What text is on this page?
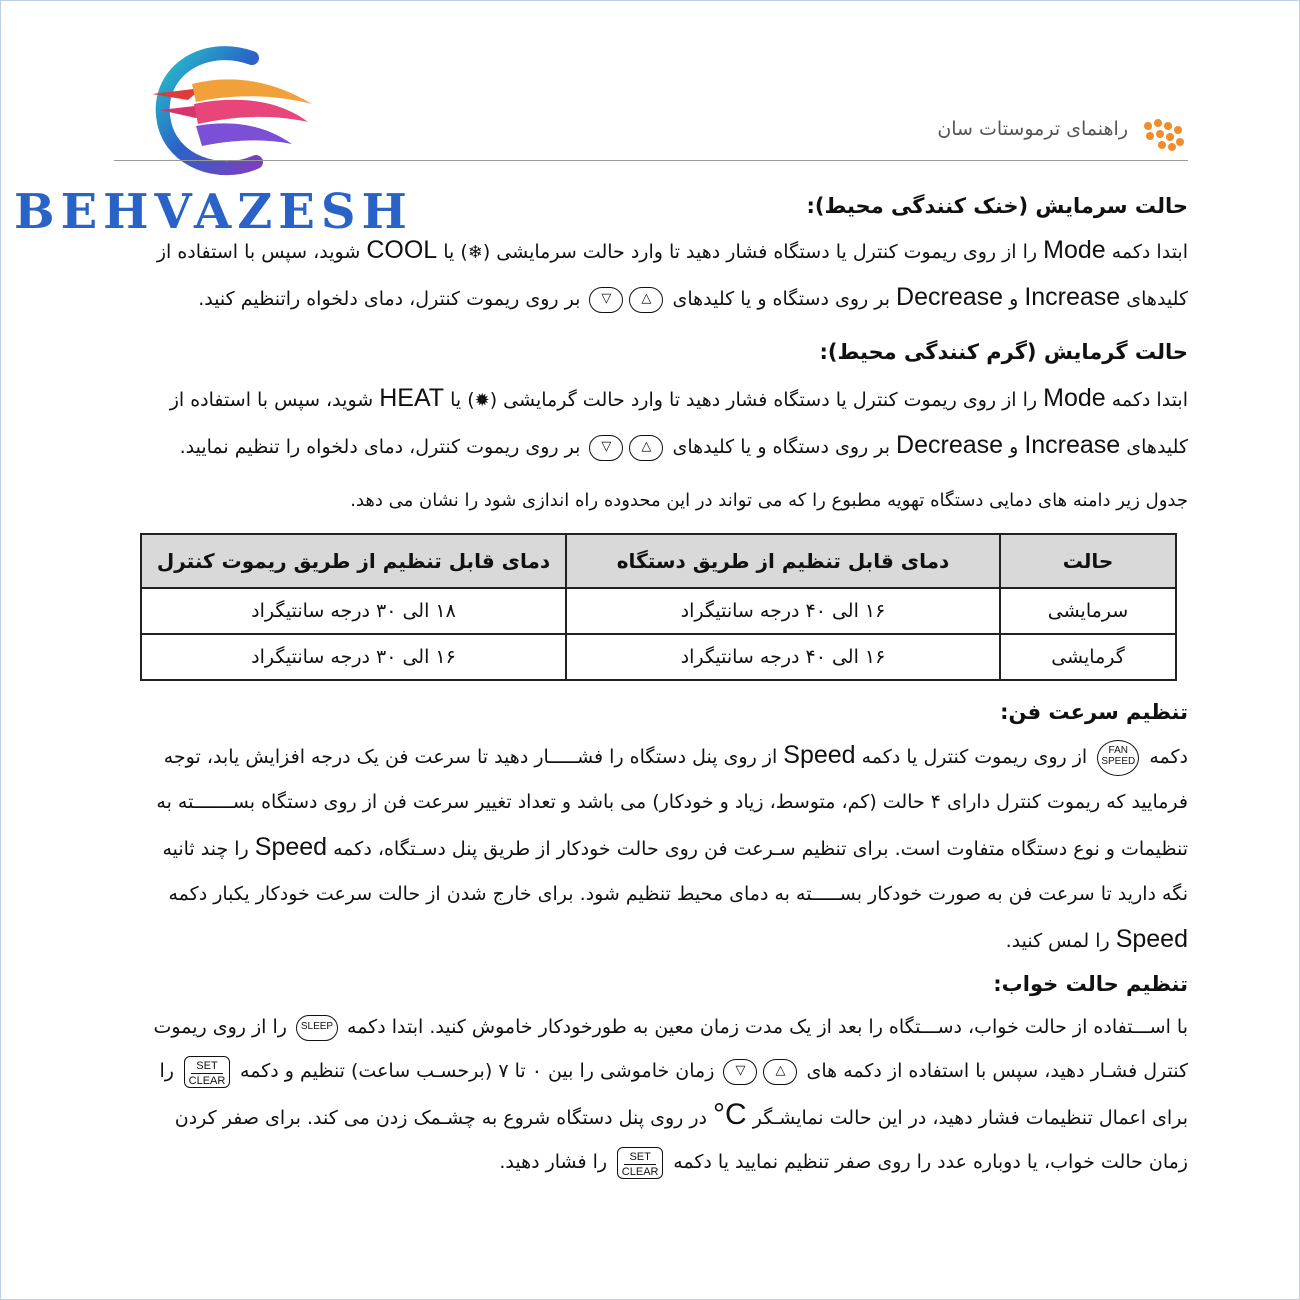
BEHVAZESH
راهنمای ترموستات سان
حالت سرمایش (خنک کنندگی محیط):

ابتدا دکمه Mode را از روی ریموت کنترل یا دستگاه فشار دهید تا وارد حالت سرمایشی (❄) یا COOL شوید، سپس با استفاده از

کلیدهای Increase و Decrease بر روی دستگاه و یا کلیدهای △▽ بر روی ریموت کنترل، دمای دلخواه راتنظیم کنید.

حالت گرمایش (گرم کنندگی محیط):

ابتدا دکمه Mode را از روی ریموت کنترل یا دستگاه فشار دهید تا وارد حالت گرمایشی (✹) یا HEAT شوید، سپس با استفاده از

کلیدهای Increase و Decrease بر روی دستگاه و یا کلیدهای △▽ بر روی ریموت کنترل، دمای دلخواه را تنظیم نمایید.

جدول زیر دامنه های دمایی دستگاه تهویه مطبوع را که می تواند در این محدوده راه اندازی شود را نشان می دهد.
حالت	دمای قابل تنظیم از طریق دستگاه	دمای قابل تنظیم از طریق ریموت کنترل
سرمایشی	۱۶ الی ۴۰ درجه سانتیگراد	۱۸ الی ۳۰ درجه سانتیگراد
گرمایشی	۱۶ الی ۴۰ درجه سانتیگراد	۱۶ الی ۳۰ درجه سانتیگراد
تنظیم سرعت فن:

دکمه FAN
SPEED از روی ریموت کنترل یا دکمه Speed از روی پنل دستگاه را فشـــــار دهید تا سرعت فن یک درجه افزایش یابد، توجه

فرمایید که ریموت کنترل دارای ۴ حالت (کم، متوسط، زیاد و خودکار) می باشد و تعداد تغییر سرعت فن از روی دستگاه بســـــــته به

تنظیمات و نوع دستگاه متفاوت است. برای تنظیم سـرعت فن روی حالت خودکار از طریق پنل دسـتگاه، دکمه Speed را چند ثانیه

نگه دارید تا سرعت فن به صورت خودکار بســـــته به دمای محیط تنظیم شود. برای خارج شدن از حالت سرعت خودکار یکبار دکمه

Speed را لمس کنید.

تنظیم حالت خواب:

با اســـتفاده از حالت خواب، دســـتگاه را بعد از یک مدت زمان معین به طورخودکار خاموش کنید. ابتدا دکمه SLEEP را از روی ریموت

کنترل فشـار دهید، سپس با استفاده از دکمه های △▽ زمان خاموشی را بین ۰ تا ۷ (برحسـب ساعت) تنظیم و دکمه SET
CLEAR را

برای اعمال تنظیمات فشار دهید، در این حالت نمایشـگر C° در روی پنل دستگاه شروع به چشـمک زدن می کند. برای صفر کردن

زمان حالت خواب، یا دوباره عدد را روی صفر تنظیم نمایید یا دکمه SET
CLEAR را فشار دهید.
